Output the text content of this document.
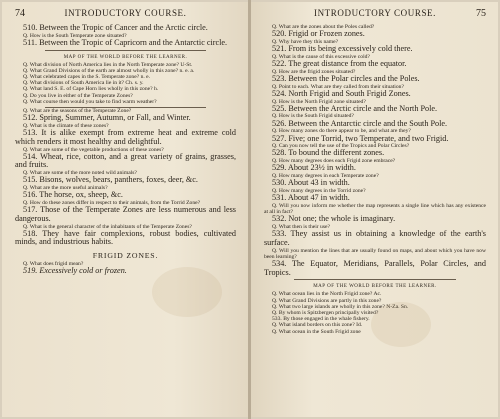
74	INTRODUCTORY COURSE.
510. Between the Tropic of Cancer and the Arctic circle.
Q. How is the South Temperate zone situated?
511. Between the Tropic of Capricorn and the Antarctic circle.
MAP OF THE WORLD BEFORE THE LEARNER.
Q. What division of North America lies in the North Temperate zone? U-St.
Q. What Grand Divisions of the earth are almost wholly in this zone? n. e. a.
Q. What celebrated capes in the S. Temperate zone? n. e.
Q. What divisions of South America lie in it? Ch. s. y.
Q. What land S. E. of Cape Horn lies wholly in this zone? h.
Q. Do you live in either of the Temperate Zones?
Q. What course then would you take to find warm weather?
Q. What are the seasons of the Temperate Zone?
512. Spring, Summer, Autumn, or Fall, and Winter.
Q. What is the climate of these zones?
513. It is alike exempt from extreme heat and extreme cold which renders it most healthy and delightful.
Q. What are some of the vegetable productions of these zones?
514. Wheat, rice, cotton, and a great variety of grains, grasses, and fruits.
Q. What are some of the more noted wild animals?
515. Bisons, wolves, bears, panthers, foxes, deer, &c.
Q. What are the more useful animals?
516. The horse, ox, sheep, &c.
Q. How do these zones differ in respect to their animals, from the Torrid Zone?
517. Those of the Temperate Zones are less numerous and less dangerous.
Q. What is the general character of the inhabitants of the Temperate Zones?
518. They have fair complexions, robust bodies, cultivated minds, and industrious habits.
FRIGID ZONES.
Q. What does frigid mean?
519. Excessively cold or frozen.
INTRODUCTORY COURSE.	75
Q. What are the zones about the Poles called?
520. Frigid or Frozen zones.
Q. Why have they this name?
521. From its being excessively cold there.
Q. What is the cause of this excessive cold?
522. The great distance from the equator.
Q. How are the frigid zones situated?
523. Between the Polar circles and the Poles.
Q. Point to each. What are they called from their situation?
524. North Frigid and South Frigid Zones.
Q. How is the North Frigid zone situated?
525. Between the Arctic circle and the North Pole.
Q. How is the South Frigid situated?
526. Between the Antarctic circle and the South Pole.
Q. How many zones do there appear to be, and what are they?
527. Five; one Torrid, two Temperate, and two Frigid.
Q. Can you now tell the use of the Tropics and Polar Circles?
528. To bound the different zones.
Q. How many degrees does each Frigid zone embrace?
529. About 23½ in width.
Q. How many degrees in each Temperate zone?
530. About 43 in width.
Q. How many degrees in the Torrid zone?
531. About 47 in width.
Q. Will you now inform me whether the map represents a single line which has any existence at all in fact?
532. Not one; the whole is imaginary.
Q. What then is their use?
533. They assist us in obtaining a knowledge of the earth's surface.
Q. Will you mention the lines that are usually found on maps, and about which you have now been learning?
534. The Equator, Meridians, Parallels, Polar Circles, and Tropics.
MAP OF THE WORLD BEFORE THE LEARNER.
Q. What ocean lies in the North Frigid zone? Ac.
Q. What Grand Divisions are partly in this zone?
Q. What two large islands are wholly in this zone? N-Za. Sn.
Q. By whom is Spitzbergen principally visited?
533. By those engaged in the whale fishery.
Q. What island borders on this zone? Id.
Q. What ocean in the South Frigid zone
